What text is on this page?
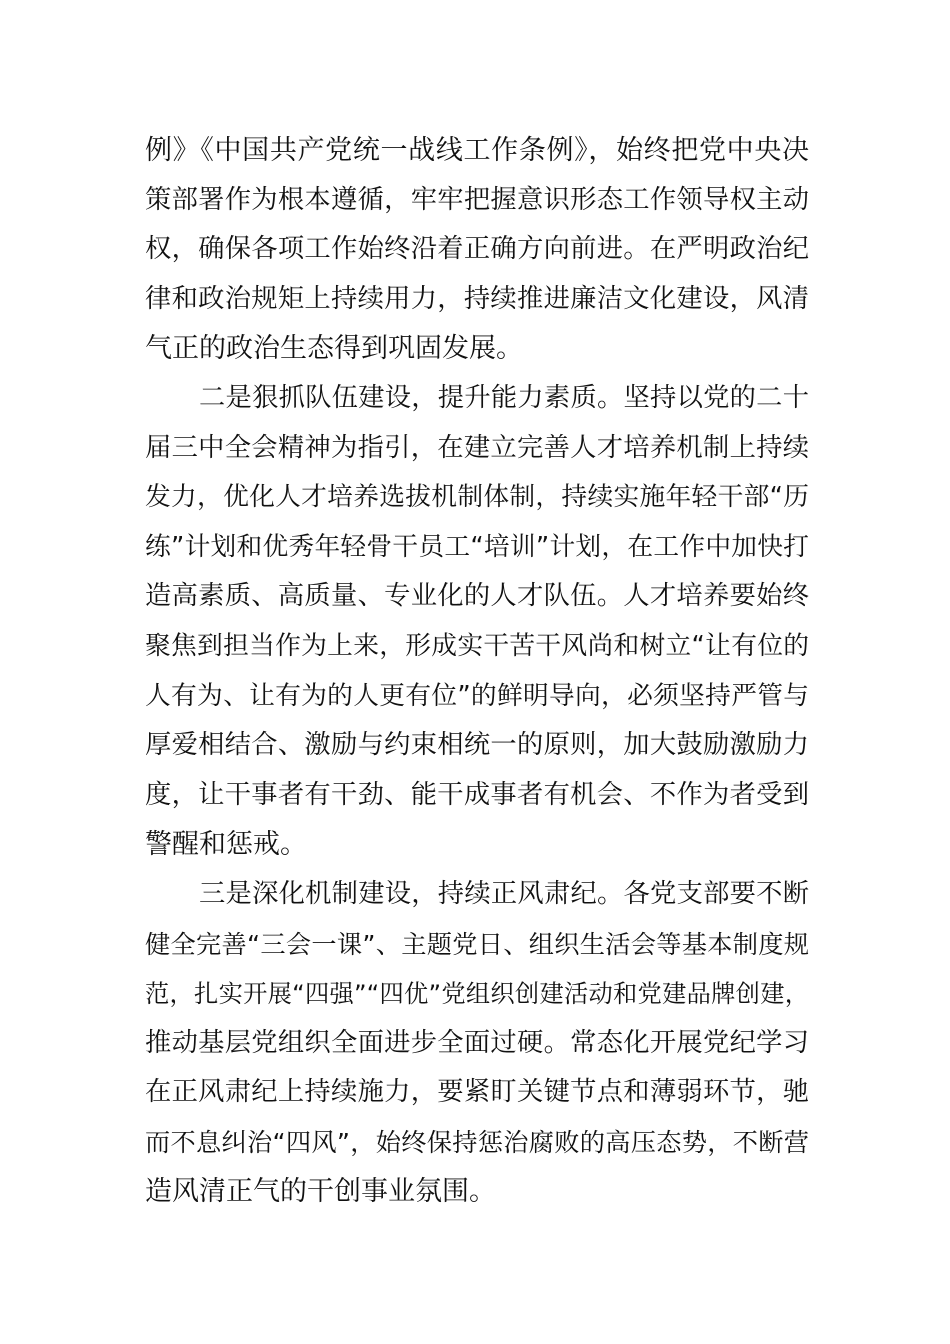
例》《中国共产党统一战线工作条例》，始终把党中央决
策部署作为根本遵循，牢牢把握意识形态工作领导权主动
权，确保各项工作始终沿着正确方向前进。在严明政治纪
律和政治规矩上持续用力，持续推进廉洁文化建设，风清
气正的政治生态得到巩固发展。
二是狠抓队伍建设，提升能力素质。坚持以党的二十
届三中全会精神为指引，在建立完善人才培养机制上持续
发力，优化人才培养选拔机制体制，持续实施年轻干部“历
练”计划和优秀年轻骨干员工“培训”计划，在工作中加快打
造高素质、高质量、专业化的人才队伍。人才培养要始终
聚焦到担当作为上来，形成实干苦干风尚和树立“让有位的
人有为、让有为的人更有位”的鲜明导向，必须坚持严管与
厚爱相结合、激励与约束相统一的原则，加大鼓励激励力
度，让干事者有干劲、能干成事者有机会、不作为者受到
警醒和惩戒。
三是深化机制建设，持续正风肃纪。各党支部要不断
健全完善“三会一课”、主题党日、组织生活会等基本制度规
范，扎实开展“四强”“四优”党组织创建活动和党建品牌创建，
推动基层党组织全面进步全面过硬。常态化开展党纪学习
在正风肃纪上持续施力，要紧盯关键节点和薄弱环节，驰
而不息纠治“四风”，始终保持惩治腐败的高压态势，不断营
造风清正气的干创事业氛围。
